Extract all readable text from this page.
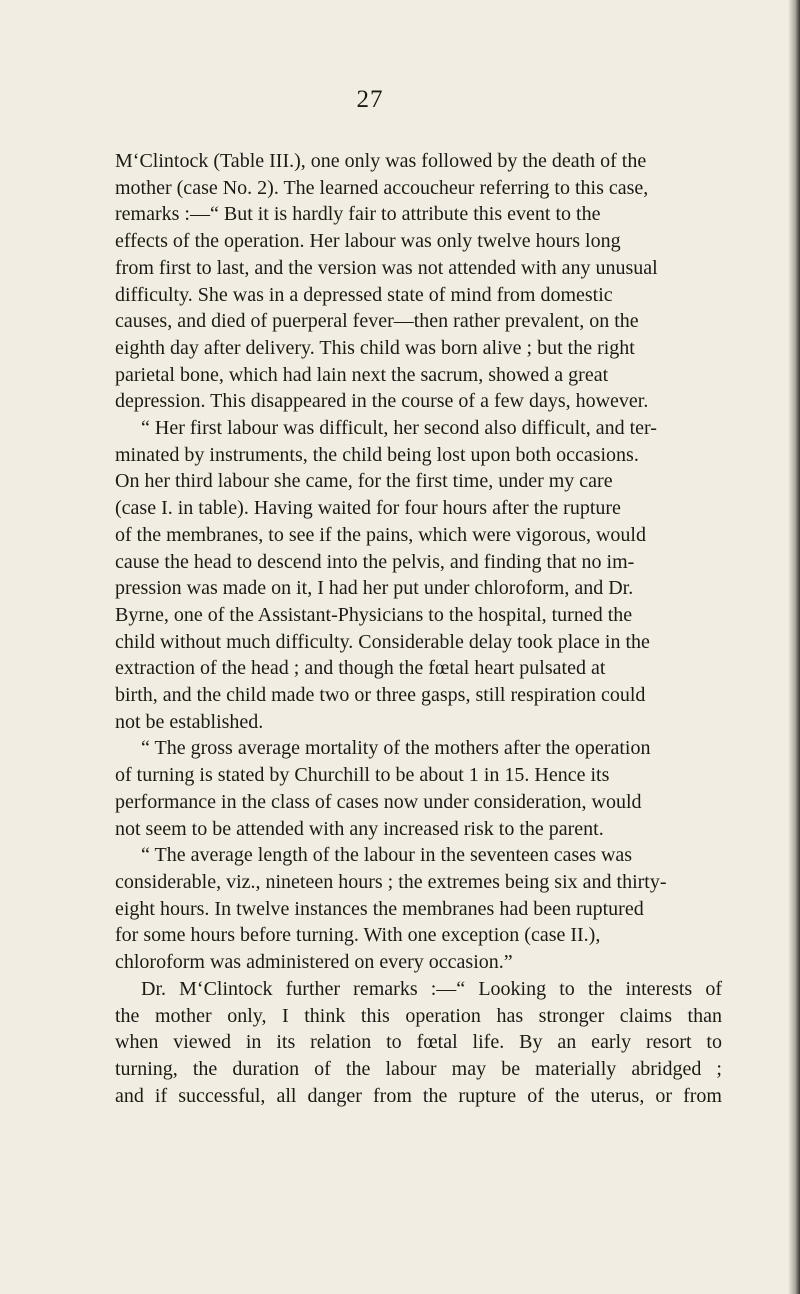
27

M‘Clintock (Table III.), one only was followed by the death of the
mother (case No. 2). The learned accoucheur referring to this case,
remarks :—“ But it is hardly fair to attribute this event to the
effects of the operation. Her labour was only twelve hours long
from first to last, and the version was not attended with any unusual
difficulty. She was in a depressed state of mind from domestic
causes, and died of puerperal fever—then rather prevalent, on the
eighth day after delivery. This child was born alive ; but the right
parietal bone, which had lain next the sacrum, showed a great
depression. This disappeared in the course of a few days, however.

“ Her first labour was difficult, her second also difficult, and ter-
minated by instruments, the child being lost upon both occasions.
On her third labour she came, for the first time, under my care
(case I. in table). Having waited for four hours after the rupture
of the membranes, to see if the pains, which were vigorous, would
cause the head to descend into the pelvis, and finding that no im-
pression was made on it, I had her put under chloroform, and Dr.
Byrne, one of the Assistant-Physicians to the hospital, turned the
child without much difficulty. Considerable delay took place in the
extraction of the head ; and though the fœtal heart pulsated at
birth, and the child made two or three gasps, still respiration could
not be established.

“ The gross average mortality of the mothers after the operation
of turning is stated by Churchill to be about 1 in 15. Hence its
performance in the class of cases now under consideration, would
not seem to be attended with any increased risk to the parent.

“ The average length of the labour in the seventeen cases was
considerable, viz., nineteen hours ; the extremes being six and thirty-
eight hours. In twelve instances the membranes had been ruptured
for some hours before turning. With one exception (case II.),
chloroform was administered on every occasion.”

Dr. M‘Clintock further remarks :—“ Looking to the interests of
the mother only, I think this operation has stronger claims than
when viewed in its relation to fœtal life. By an early resort to
turning, the duration of the labour may be materially abridged ;
and if successful, all danger from the rupture of the uterus, or from
